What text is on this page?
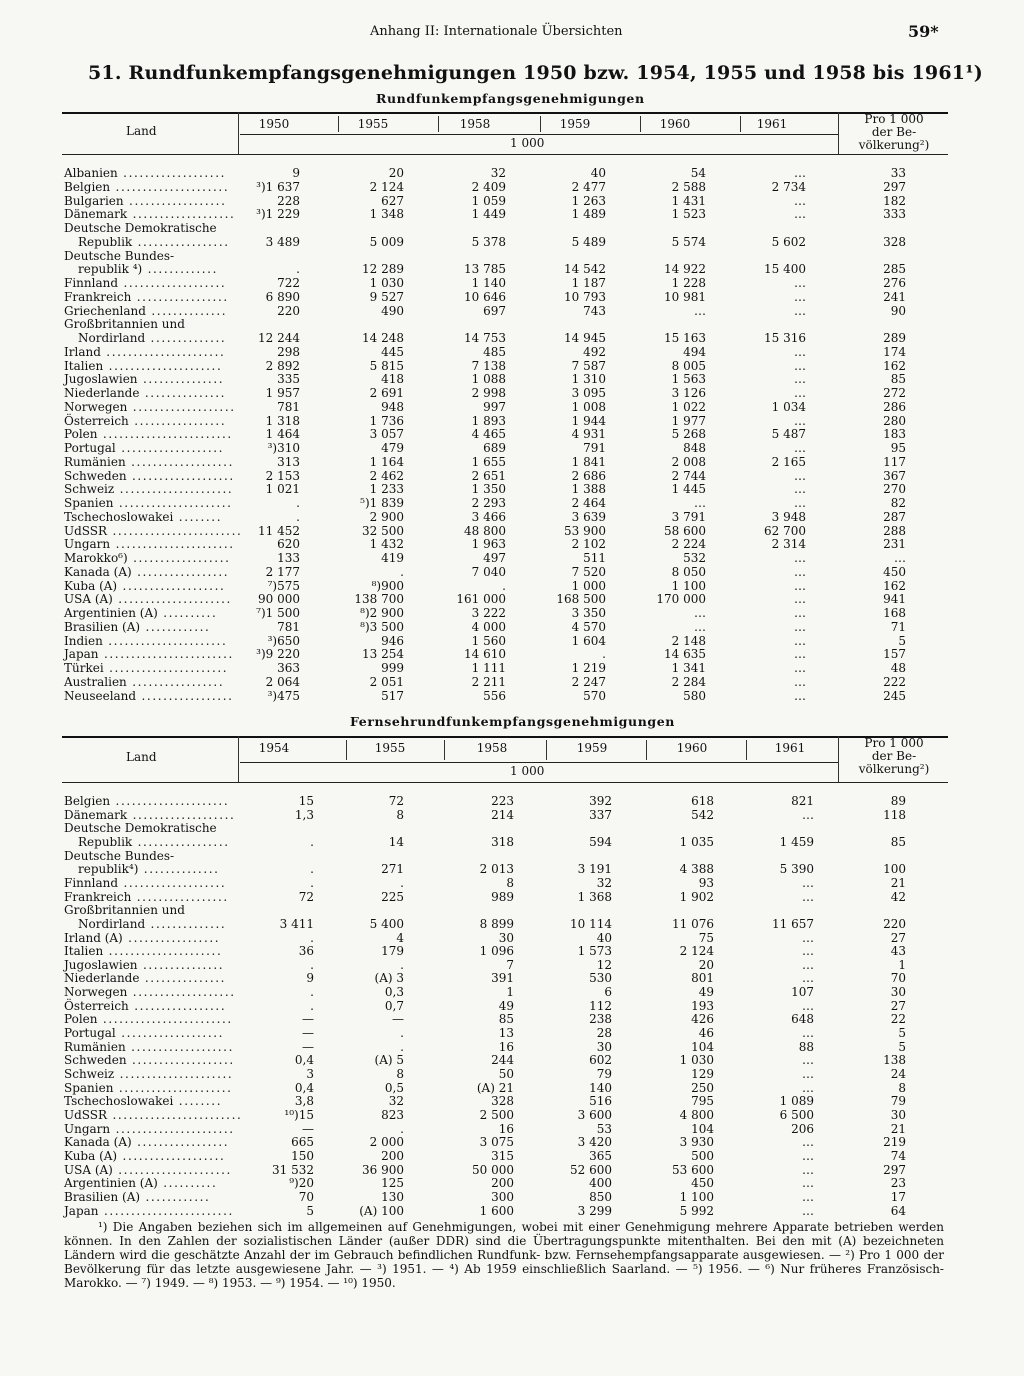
Anhang II: Internationale Übersichten	59*
51. Rundfunkempfangsgenehmigungen 1950 bzw. 1954, 1955 und 1958 bis 1961¹)
Rundfunkempfangsgenehmigungen
Land	1950	1955	1958	1959	1960	1961
1 000
Pro 1 000
der Be-
völkerung²)
Albanien ...................	9	20	32	40	54	…	33
Belgien .....................	³)1 637	2 124	2 409	2 477	2 588	2 734	297
Bulgarien ..................	228	627	1 059	1 263	1 431	…	182
Dänemark ...................	³)1 229	1 348	1 449	1 489	1 523	…	333
Deutsche Demokratische
Republik .................	3 489	5 009	5 378	5 489	5 574	5 602	328
Deutsche Bundes-
republik ⁴) .............	.	12 289	13 785	14 542	14 922	15 400	285
Finnland ...................	722	1 030	1 140	1 187	1 228	…	276
Frankreich .................	6 890	9 527	10 646	10 793	10 981	…	241
Griechenland ..............	220	490	697	743	…	…	90
Großbritannien und
Nordirland ..............	12 244	14 248	14 753	14 945	15 163	15 316	289
Irland ......................	298	445	485	492	494	…	174
Italien .....................	2 892	5 815	7 138	7 587	8 005	…	162
Jugoslawien ...............	335	418	1 088	1 310	1 563	…	85
Niederlande ...............	1 957	2 691	2 998	3 095	3 126	…	272
Norwegen ...................	781	948	997	1 008	1 022	1 034	286
Österreich .................	1 318	1 736	1 893	1 944	1 977	…	280
Polen ........................	1 464	3 057	4 465	4 931	5 268	5 487	183
Portugal ...................	³)310	479	689	791	848	…	95
Rumänien ...................	313	1 164	1 655	1 841	2 008	2 165	117
Schweden ...................	2 153	2 462	2 651	2 686	2 744	…	367
Schweiz .....................	1 021	1 233	1 350	1 388	1 445	…	270
Spanien .....................	.	⁵)1 839	2 293	2 464	…	…	82
Tschechoslowakei ........	.	2 900	3 466	3 639	3 791	3 948	287
UdSSR ........................	11 452	32 500	48 800	53 900	58 600	62 700	288
Ungarn ......................	620	1 432	1 963	2 102	2 224	2 314	231
Marokko⁶) ..................	133	419	497	511	532	…	…
Kanada (A) .................	2 177	.	7 040	7 520	8 050	…	450
Kuba (A) ...................	⁷)575	⁸)900	.	1 000	1 100	…	162
USA (A) .....................	90 000	138 700	161 000	168 500	170 000	…	941
Argentinien (A) ..........	⁷)1 500	⁸)2 900	3 222	3 350	…	…	168
Brasilien (A) ............	781	⁸)3 500	4 000	4 570	…	…	71
Indien ......................	³)650	946	1 560	1 604	2 148	…	5
Japan ........................	³)9 220	13 254	14 610	.	14 635	…	157
Türkei ......................	363	999	1 111	1 219	1 341	…	48
Australien .................	2 064	2 051	2 211	2 247	2 284	…	222
Neuseeland .................	³)475	517	556	570	580	…	245
Fernsehrundfunkempfangsgenehmigungen
Land
1954	1955	1958	1959	1960	1961
1 000
Pro 1 000
der Be-
völkerung²)
Belgien .....................	15	72	223	392	618	821	89
Dänemark ...................	1,3	8	214	337	542	…	118
Deutsche Demokratische
Republik .................	.	14	318	594	1 035	1 459	85
Deutsche Bundes-
republik⁴) ..............	.	271	2 013	3 191	4 388	5 390	100
Finnland ...................	.	.	8	32	93	…	21
Frankreich .................	72	225	989	1 368	1 902	…	42
Großbritannien und
Nordirland ..............	3 411	5 400	8 899	10 114	11 076	11 657	220
Irland (A) .................	.	4	30	40	75	…	27
Italien .....................	36	179	1 096	1 573	2 124	…	43
Jugoslawien ...............	.	.	7	12	20	…	1
Niederlande ...............	9	(A) 3	391	530	801	…	70
Norwegen ...................	.	0,3	1	6	49	107	30
Österreich .................	.	0,7	49	112	193	…	27
Polen ........................	—	—	85	238	426	648	22
Portugal ...................	—	.	13	28	46	…	5
Rumänien ...................	—	.	16	30	104	88	5
Schweden ...................	0,4	(A) 5	244	602	1 030	…	138
Schweiz .....................	3	8	50	79	129	…	24
Spanien .....................	0,4	0,5	(A) 21	140	250	…	8
Tschechoslowakei ........	3,8	32	328	516	795	1 089	79
UdSSR ........................	¹⁰)15	823	2 500	3 600	4 800	6 500	30
Ungarn ......................	—	.	16	53	104	206	21
Kanada (A) .................	665	2 000	3 075	3 420	3 930	…	219
Kuba (A) ...................	150	200	315	365	500	…	74
USA (A) .....................	31 532	36 900	50 000	52 600	53 600	…	297
Argentinien (A) ..........	⁹)20	125	200	400	450	…	23
Brasilien (A) ............	70	130	300	850	1 100	…	17
Japan ........................	5	(A) 100	1 600	3 299	5 992	…	64

¹) Die Angaben beziehen sich im allgemeinen auf Genehmigungen, wobei mit einer Genehmigung mehrere Apparate betrieben werden können. In den Zahlen der sozialistischen Länder (außer DDR) sind die Übertragungspunkte mitenthalten. Bei den mit (A) bezeichneten Ländern wird die geschätzte Anzahl der im Gebrauch befindlichen Rundfunk- bzw. Fernsehempfangsapparate ausgewiesen. — ²) Pro 1 000 der Bevölkerung für das letzte ausgewiesene Jahr. — ³) 1951. — ⁴) Ab 1959 einschließlich Saarland. — ⁵) 1956. — ⁶) Nur früheres Französisch-Marokko. — ⁷) 1949. — ⁸) 1953. — ⁹) 1954. — ¹⁰) 1950.
